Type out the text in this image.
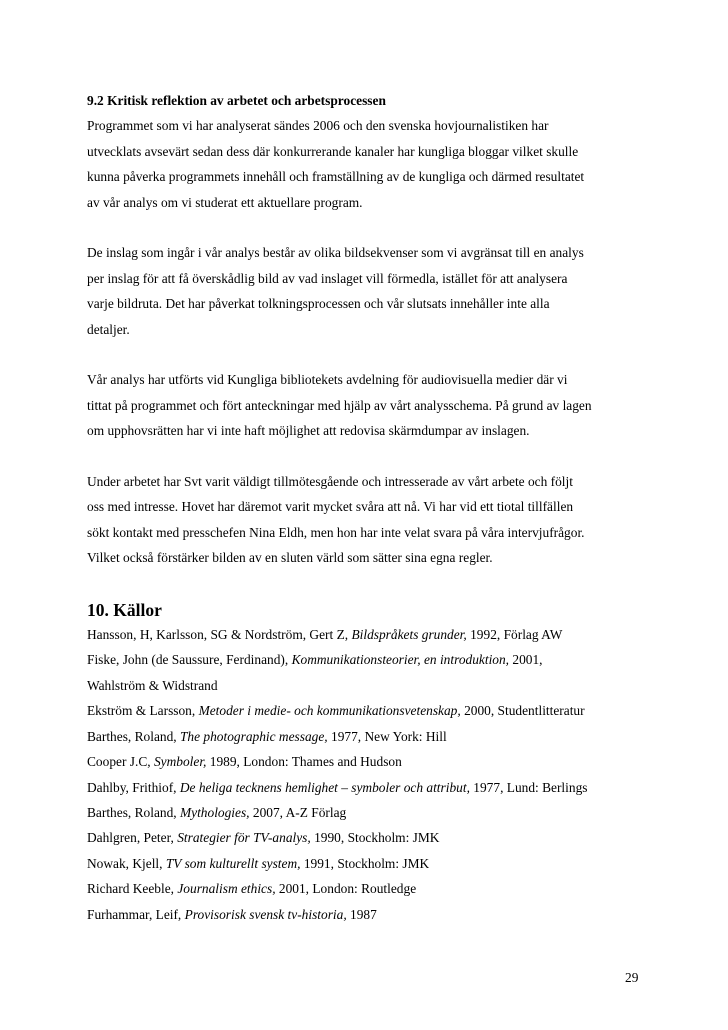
9.2 Kritisk reflektion av arbetet och arbetsprocessen

Programmet som vi har analyserat sändes 2006 och den svenska hovjournalistiken har
utvecklats avsevärt sedan dess där konkurrerande kanaler har kungliga bloggar vilket skulle
kunna påverka programmets innehåll och framställning av de kungliga och därmed resultatet
av vår analys om vi studerat ett aktuellare program.

De inslag som ingår i vår analys består av olika bildsekvenser som vi avgränsat till en analys
per inslag för att få överskådlig bild av vad inslaget vill förmedla, istället för att analysera
varje bildruta. Det har påverkat tolkningsprocessen och vår slutsats innehåller inte alla
detaljer.

Vår analys har utförts vid Kungliga bibliotekets avdelning för audiovisuella medier där vi
tittat på programmet och fört anteckningar med hjälp av vårt analysschema. På grund av lagen
om upphovsrätten har vi inte haft möjlighet att redovisa skärmdumpar av inslagen.

Under arbetet har Svt varit väldigt tillmötesgående och intresserade av vårt arbete och följt
oss med intresse. Hovet har däremot varit mycket svåra att nå. Vi har vid ett tiotal tillfällen
sökt kontakt med presschefen Nina Eldh, men hon har inte velat svara på våra intervjufrågor.
Vilket också förstärker bilden av en sluten värld som sätter sina egna regler.

10. Källor
Hansson, H, Karlsson, SG & Nordström, Gert Z, Bildspråkets grunder, 1992, Förlag AW
Fiske, John (de Saussure, Ferdinand), Kommunikationsteorier, en introduktion, 2001,
Wahlström & Widstrand
Ekström & Larsson, Metoder i medie- och kommunikationsvetenskap, 2000, Studentlitteratur
Barthes, Roland, The photographic message, 1977, New York: Hill
Cooper J.C, Symboler, 1989, London: Thames and Hudson
Dahlby, Frithiof, De heliga tecknens hemlighet – symboler och attribut, 1977, Lund: Berlings
Barthes, Roland, Mythologies, 2007, A-Z Förlag
Dahlgren, Peter, Strategier för TV-analys, 1990, Stockholm: JMK
Nowak, Kjell, TV som kulturellt system, 1991, Stockholm: JMK
Richard Keeble, Journalism ethics, 2001, London: Routledge
Furhammar, Leif, Provisorisk svensk tv-historia, 1987
29
